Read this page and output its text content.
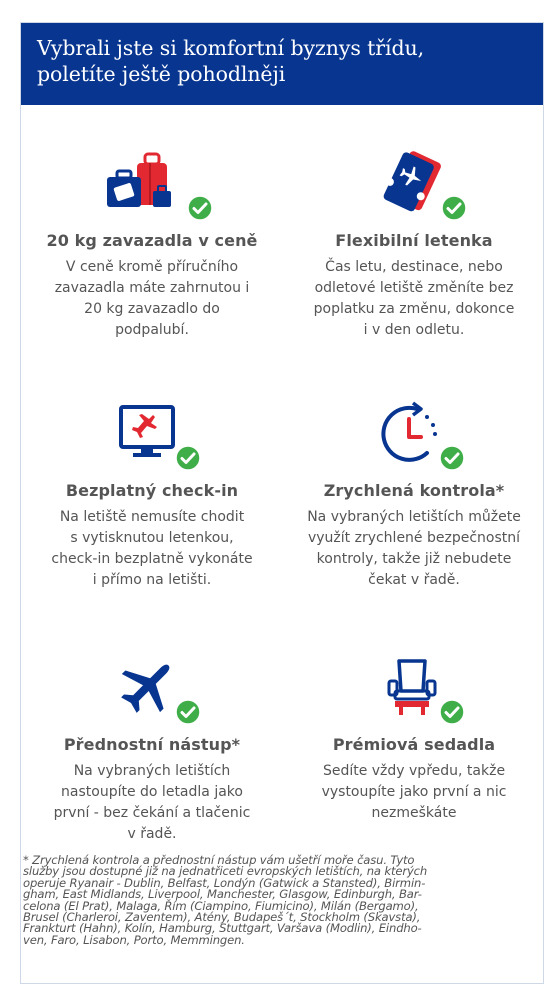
Vybrali jste si komfortní byznys třídu,
poletíte ještě pohodlněji
20 kg zavazadla v ceně
V ceně kromě příručního
zavazadla máte zahrnutou i
20 kg zavazadlo do
podpalubí.
Flexibilní letenka
Čas letu, destinace, nebo
odletové letiště změníte bez
poplatku za změnu, dokonce
i v den odletu.
Bezplatný check-in
Na letiště nemusíte chodit
s vytisknutou letenkou,
check-in bezplatně vykonáte
i přímo na letišti.
Zrychlená kontrola*
Na vybraných letištích můžete
využít zrychlené bezpečnostní
kontroly, takže již nebudete
čekat v řadě.
Přednostní nástup*
Na vybraných letištích
nastoupíte do letadla jako
první - bez čekání a tlačenic
v řadě.
Prémiová sedadla
Sedíte vždy vpředu, takže
vystoupíte jako první a nic
nezmeškáte
* Zrychlená kontrola a přednostní nástup vám ušetří moře času. Tyto
služby jsou dostupné již na jednatřiceti evropských letištích, na kterých
operuje Ryanair - Dublin, Belfast, Londýn (Gatwick a Stansted), Birmin-
gham, East Midlands, Liverpool, Manchester, Glasgow, Edinburgh, Bar-
celona (El Prat), Malaga, Řím (Ciampino, Fiumicino), Milán (Bergamo),
Brusel (Charleroi, Zaventem), Atény, Budapeš´t, Stockholm (Skavsta),
Frankturt (Hahn), Kolín, Hamburg, Stuttgart, Varšava (Modlin), Eindho-
ven, Faro, Lisabon, Porto, Memmingen.
